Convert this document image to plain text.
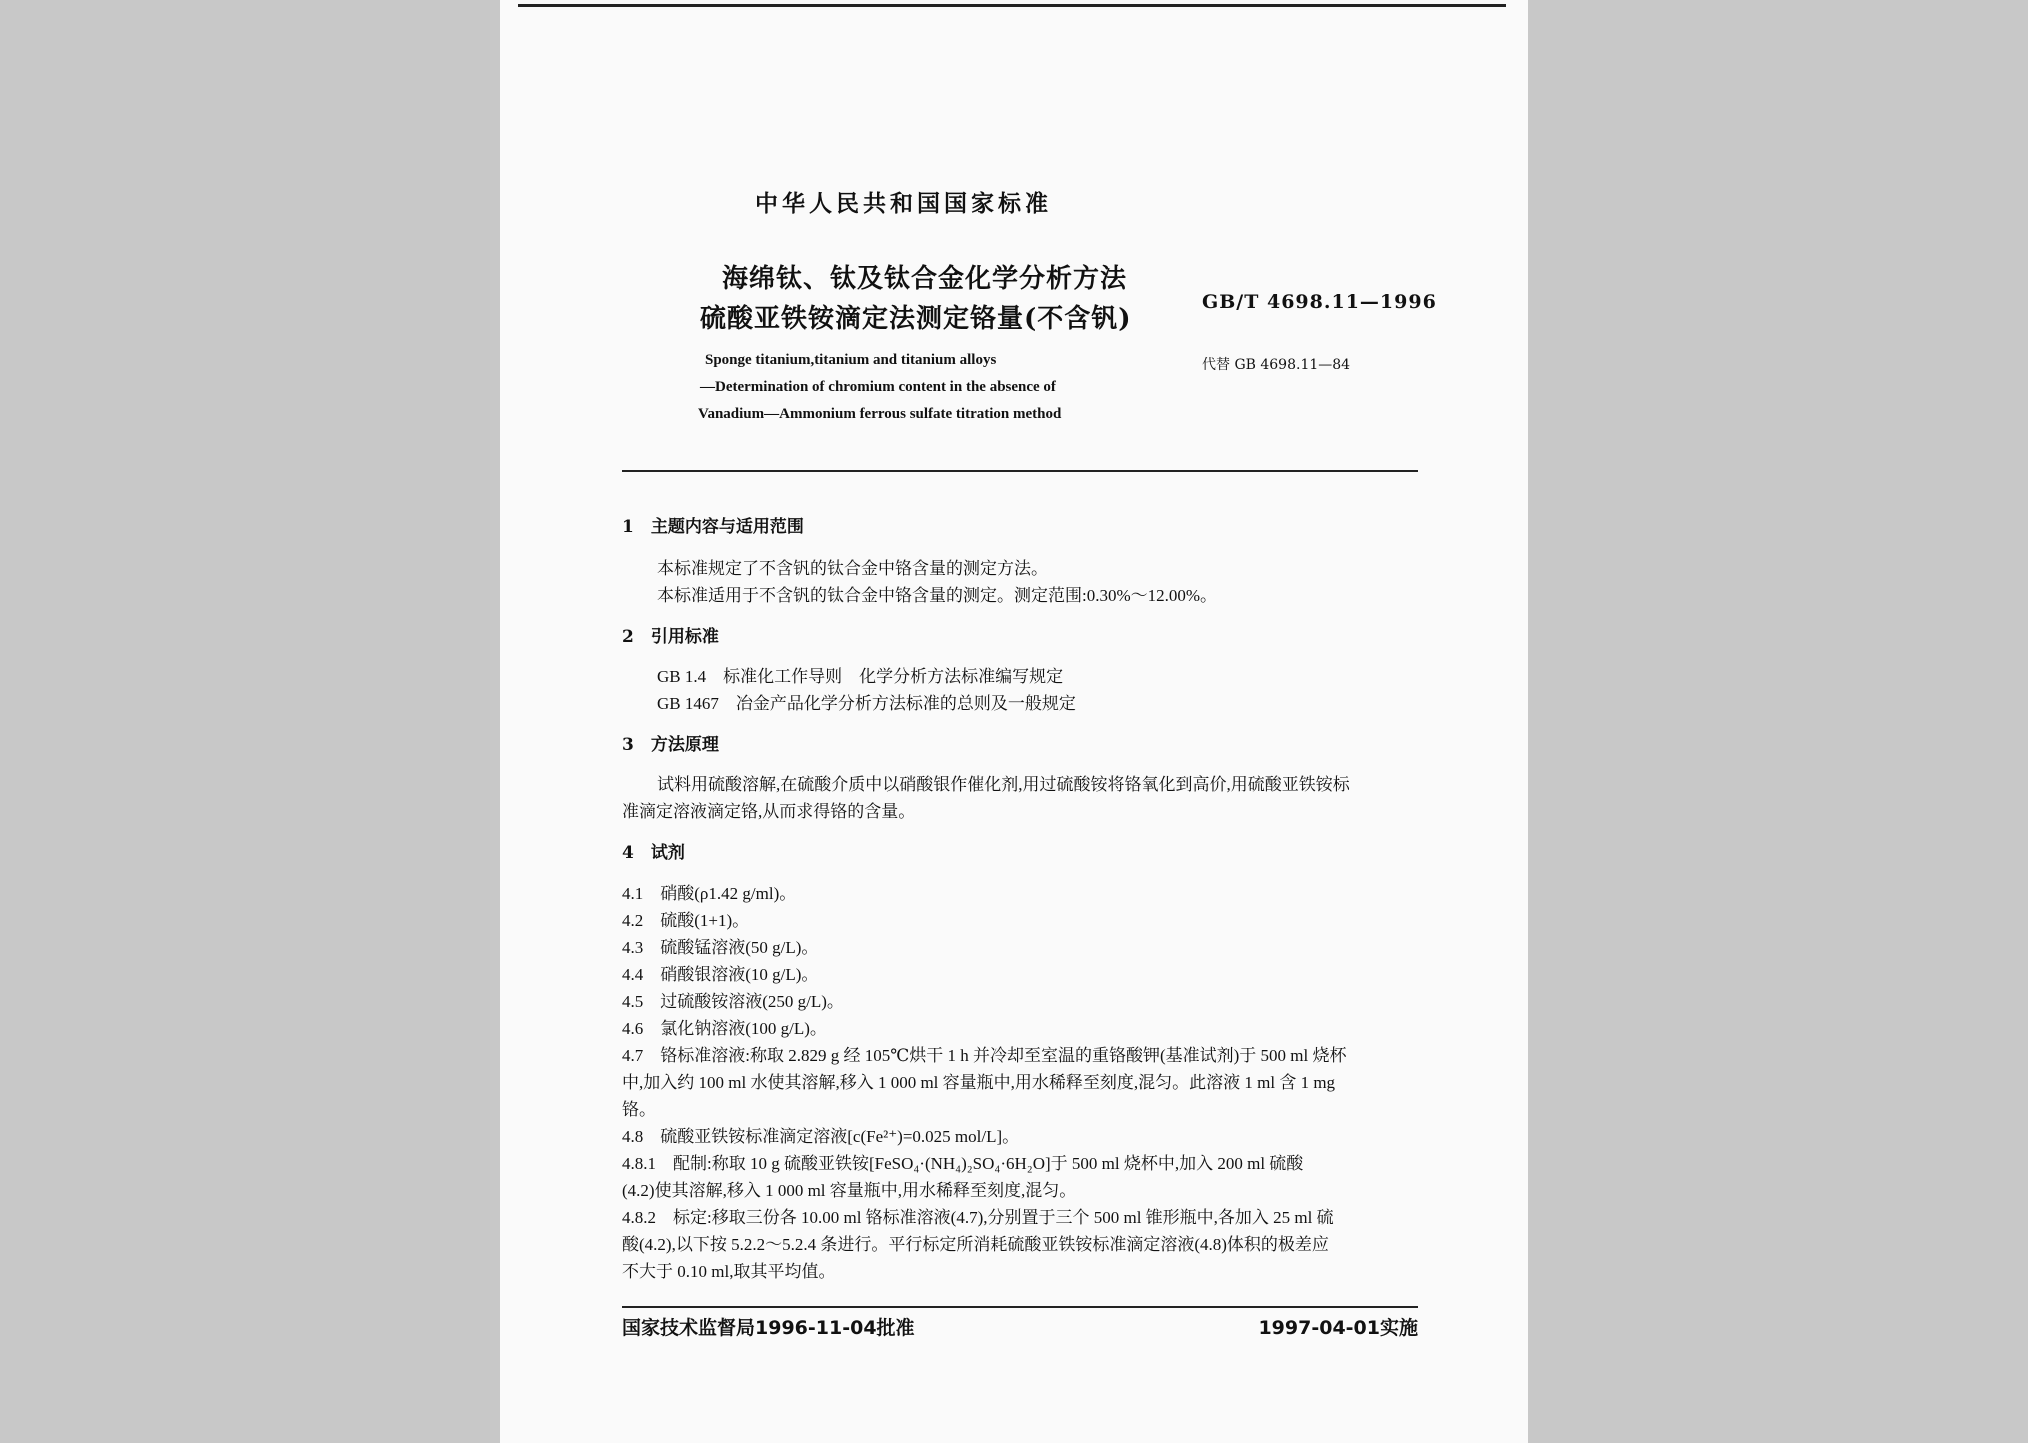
中华人民共和国国家标准
海绵钛、钛及钛合金化学分析方法
硫酸亚铁铵滴定法测定铬量(不含钒)
GB/T 4698.11—1996
代替 GB 4698.11—84
Sponge titanium,titanium and titanium alloys
—Determination of chromium content in the absence of
Vanadium—Ammonium ferrous sulfate titration method
1　主题内容与适用范围
本标准规定了不含钒的钛合金中铬含量的测定方法。
本标准适用于不含钒的钛合金中铬含量的测定。测定范围:0.30%～12.00%。
2　引用标准
GB 1.4　标准化工作导则　化学分析方法标准编写规定
GB 1467　冶金产品化学分析方法标准的总则及一般规定
3　方法原理
试料用硫酸溶解,在硫酸介质中以硝酸银作催化剂,用过硫酸铵将铬氧化到高价,用硫酸亚铁铵标
准滴定溶液滴定铬,从而求得铬的含量。
4　试剂
4.1　硝酸(ρ1.42 g/ml)。
4.2　硫酸(1+1)。
4.3　硫酸锰溶液(50 g/L)。
4.4　硝酸银溶液(10 g/L)。
4.5　过硫酸铵溶液(250 g/L)。
4.6　氯化钠溶液(100 g/L)。
4.7　铬标准溶液:称取 2.829 g 经 105℃烘干 1 h 并冷却至室温的重铬酸钾(基准试剂)于 500 ml 烧杯
中,加入约 100 ml 水使其溶解,移入 1 000 ml 容量瓶中,用水稀释至刻度,混匀。此溶液 1 ml 含 1 mg
铬。
4.8　硫酸亚铁铵标准滴定溶液[c(Fe²⁺)=0.025 mol/L]。
4.8.1　配制:称取 10 g 硫酸亚铁铵[FeSO₄·(NH₄)₂SO₄·6H₂O]于 500 ml 烧杯中,加入 200 ml 硫酸
(4.2)使其溶解,移入 1 000 ml 容量瓶中,用水稀释至刻度,混匀。
4.8.2　标定:移取三份各 10.00 ml 铬标准溶液(4.7),分别置于三个 500 ml 锥形瓶中,各加入 25 ml 硫
酸(4.2),以下按 5.2.2～5.2.4 条进行。平行标定所消耗硫酸亚铁铵标准滴定溶液(4.8)体积的极差应
不大于 0.10 ml,取其平均值。
国家技术监督局1996-11-04批准	1997-04-01实施
